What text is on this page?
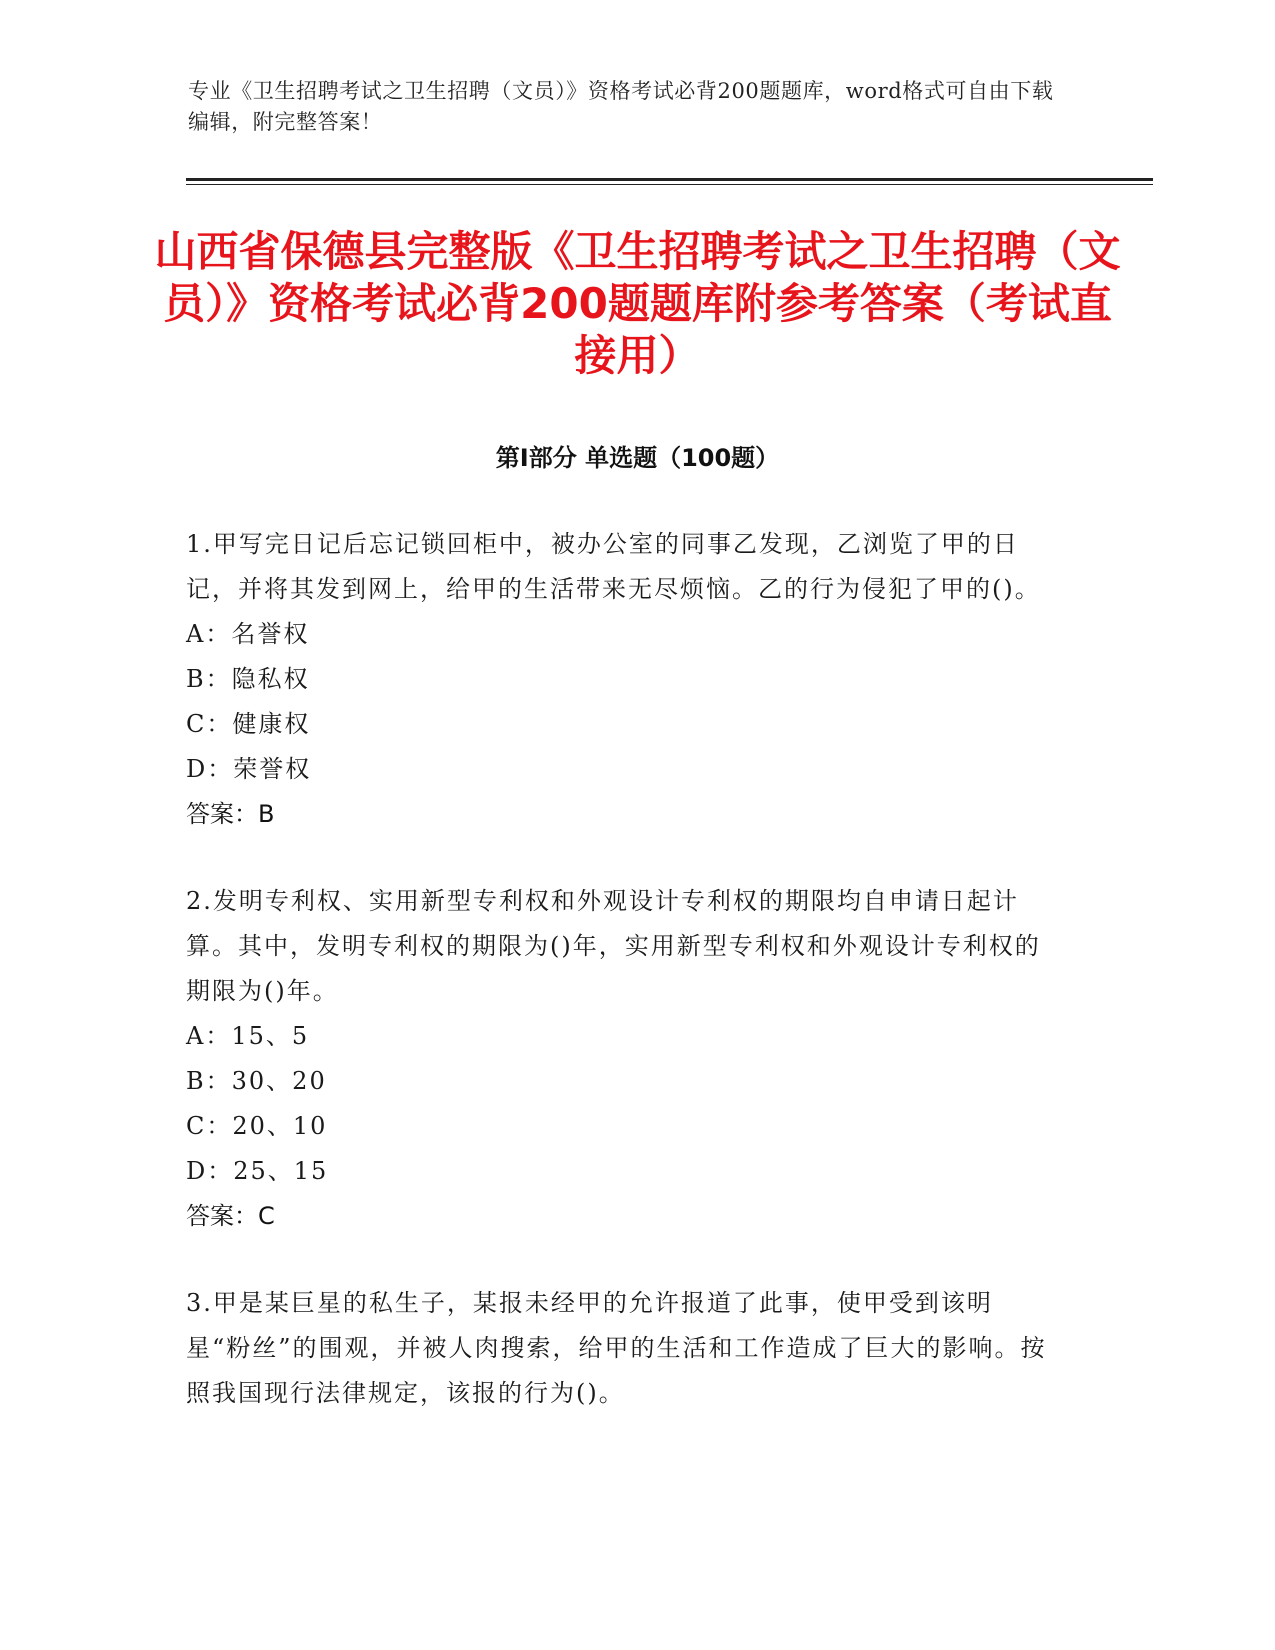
专业《卫生招聘考试之卫生招聘（文员）》资格考试必背200题题库，word格式可自由下载编辑，附完整答案！
山西省保德县完整版《卫生招聘考试之卫生招聘（文员）》资格考试必背200题题库附参考答案（考试直接用）
第I部分 单选题（100题）

1.甲写完日记后忘记锁回柜中，被办公室的同事乙发现，乙浏览了甲的日记，并将其发到网上，给甲的生活带来无尽烦恼。乙的行为侵犯了甲的()。

A：名誉权

B：隐私权

C：健康权

D：荣誉权

答案：B

2.发明专利权、实用新型专利权和外观设计专利权的期限均自申请日起计算。其中，发明专利权的期限为()年，实用新型专利权和外观设计专利权的期限为()年。

A：15、5

B：30、20

C：20、10

D：25、15

答案：C

3.甲是某巨星的私生子，某报未经甲的允许报道了此事，使甲受到该明星“粉丝”的围观，并被人肉搜索，给甲的生活和工作造成了巨大的影响。按照我国现行法律规定，该报的行为()。
